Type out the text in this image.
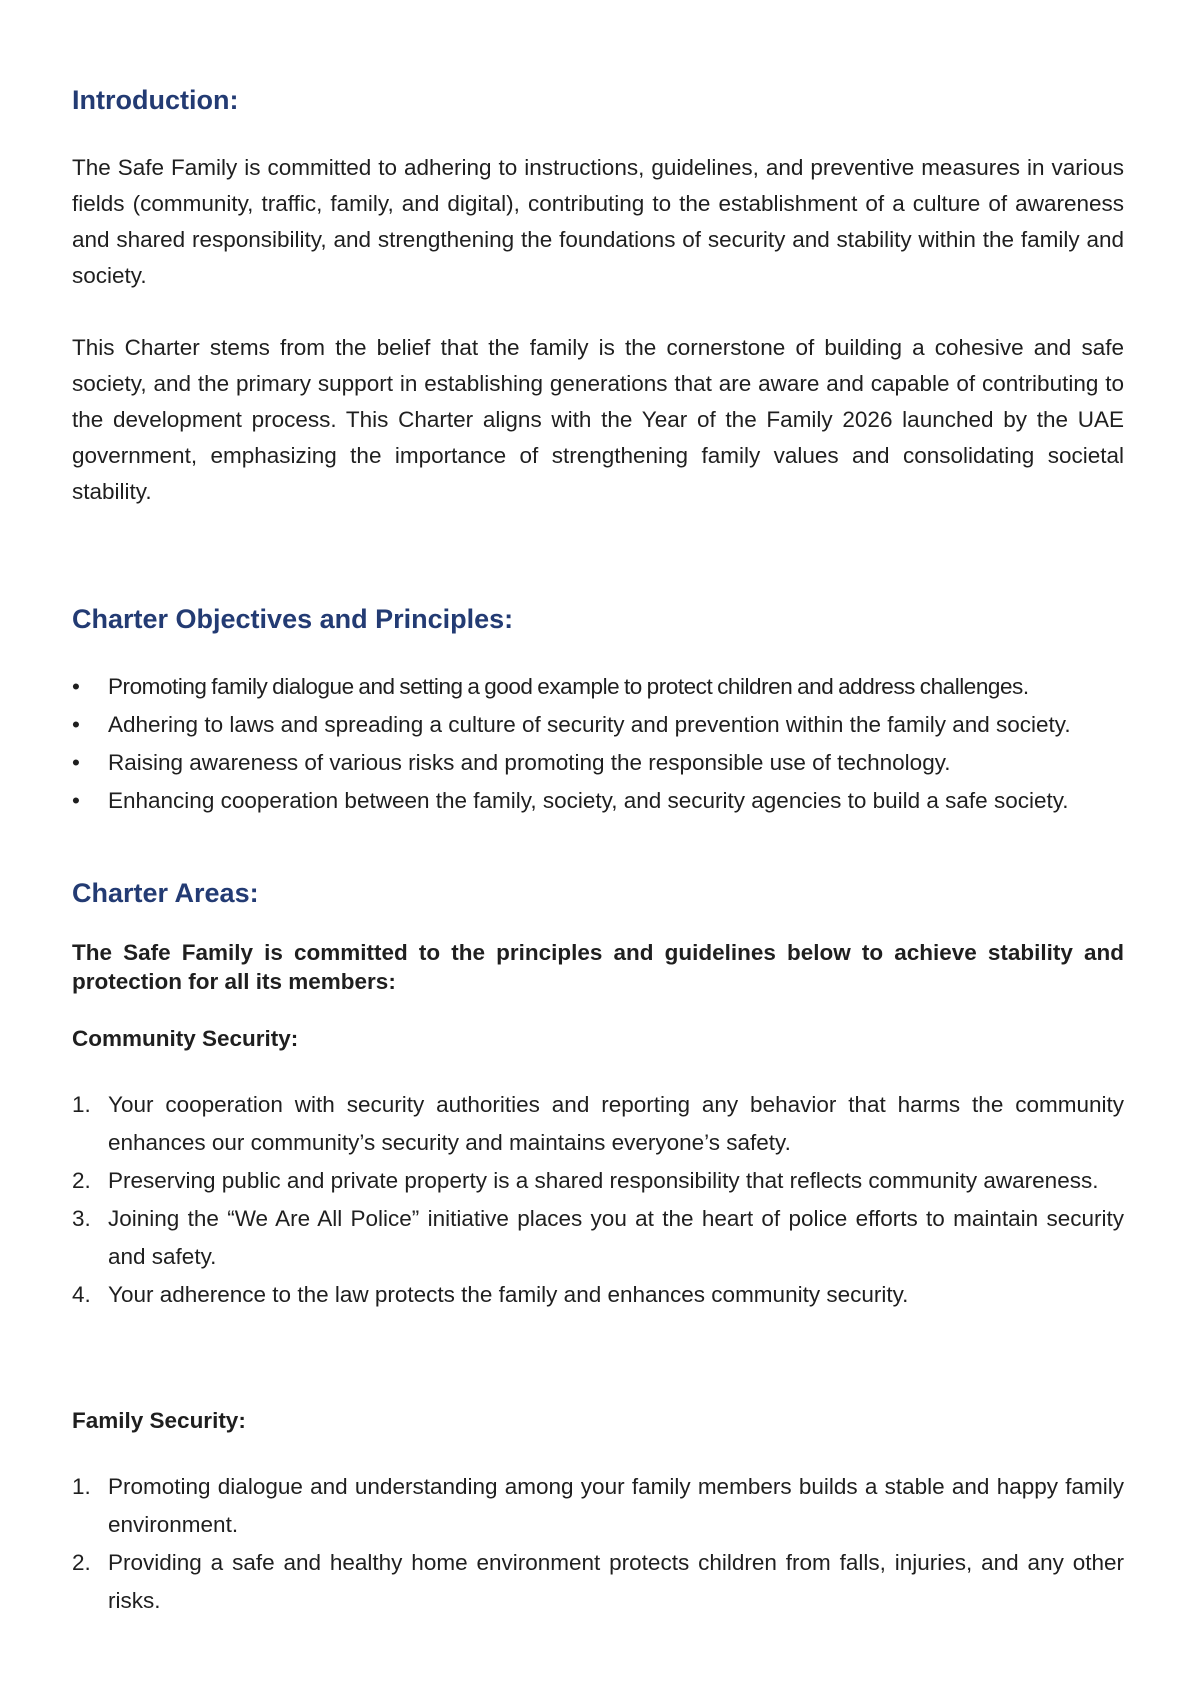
Introduction:

The Safe Family is committed to adhering to instructions, guidelines, and preventive measures in various fields (community, traffic, family, and digital), contributing to the establishment of a culture of awareness and shared responsibility, and strengthening the foundations of security and stability within the family and society.

This Charter stems from the belief that the family is the cornerstone of building a cohesive and safe society, and the primary support in establishing generations that are aware and capable of contributing to the development process. This Charter aligns with the Year of the Family 2026 launched by the UAE government, emphasizing the importance of strengthening family values and consolidating societal stability.

Charter Objectives and Principles:
• Promoting family dialogue and setting a good example to protect children and address challenges.
• Adhering to laws and spreading a culture of security and prevention within the family and society.
• Raising awareness of various risks and promoting the responsible use of technology.
• Enhancing cooperation between the family, society, and security agencies to build a safe society.
Charter Areas:

The Safe Family is committed to the principles and guidelines below to achieve stability and protection for all its members:

Community Security:
1. Your cooperation with security authorities and reporting any behavior that harms the community enhances our community’s security and maintains everyone’s safety.
2. Preserving public and private property is a shared responsibility that reflects community awareness.
3. Joining the “We Are All Police” initiative places you at the heart of police efforts to maintain security and safety.
4. Your adherence to the law protects the family and enhances community security.
Family Security:
1. Promoting dialogue and understanding among your family members builds a stable and happy family environment.
2. Providing a safe and healthy home environment protects children from falls, injuries, and any other risks.
